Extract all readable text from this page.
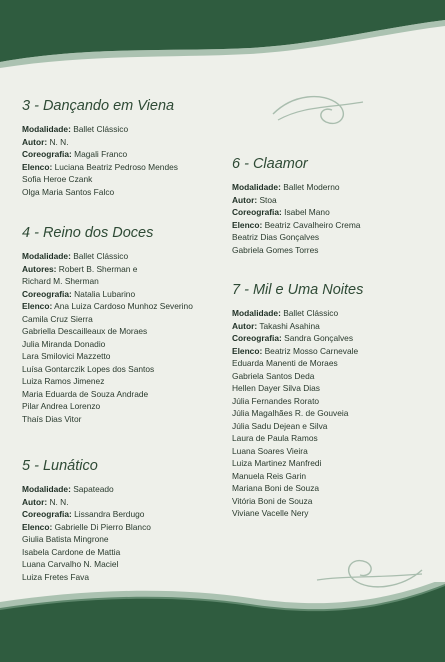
3 - Dançando em Viena
Modalidade: Ballet Clássico
Autor: N. N.
Coreografia: Magali Franco
Elenco: Luciana Beatriz Pedroso Mendes
Sofia Heroe Czank
Olga Maria Santos Falco
4 - Reino dos Doces
Modalidade: Ballet Clássico
Autores: Robert B. Sherman e
Richard M. Sherman
Coreografia: Natalia Lubarino
Elenco: Ana Luiza Cardoso Munhoz Severino
Camila Cruz Sierra
Gabriella Descailleaux de Moraes
Julia Miranda Donadio
Lara Smilovici Mazzetto
Luísa Gontarczik Lopes dos Santos
Luiza Ramos Jimenez
Maria Eduarda de Souza Andrade
Pilar Andrea Lorenzo
Thaís Dias Vitor
5 - Lunático
Modalidade: Sapateado
Autor: N. N.
Coreografia: Lissandra Berdugo
Elenco: Gabrielle Di Pierro Blanco
Giulia Batista Mingrone
Isabela Cardone de Mattia
Luana Carvalho N. Maciel
Luiza Fretes Fava
6 - Claamor
Modalidade: Ballet Moderno
Autor: Stoa
Coreografia: Isabel Mano
Elenco: Beatriz Cavalheiro Crema
Beatriz Dias Gonçalves
Gabriela Gomes Torres
7 - Mil e Uma Noites
Modalidade: Ballet Clássico
Autor: Takashi Asahina
Coreografia: Sandra Gonçalves
Elenco: Beatriz Mosso Carnevale
Eduarda Manenti de Moraes
Gabriela Santos Deda
Hellen Dayer Silva Dias
Júlia Fernandes Rorato
Júlia Magalhães R. de Gouveia
Júlia Sadu Dejean e Silva
Laura de Paula Ramos
Luana Soares Vieira
Luiza Martinez Manfredi
Manuela Reis Garin
Mariana Boni de Souza
Vitória Boni de Souza
Viviane Vacelle Nery
